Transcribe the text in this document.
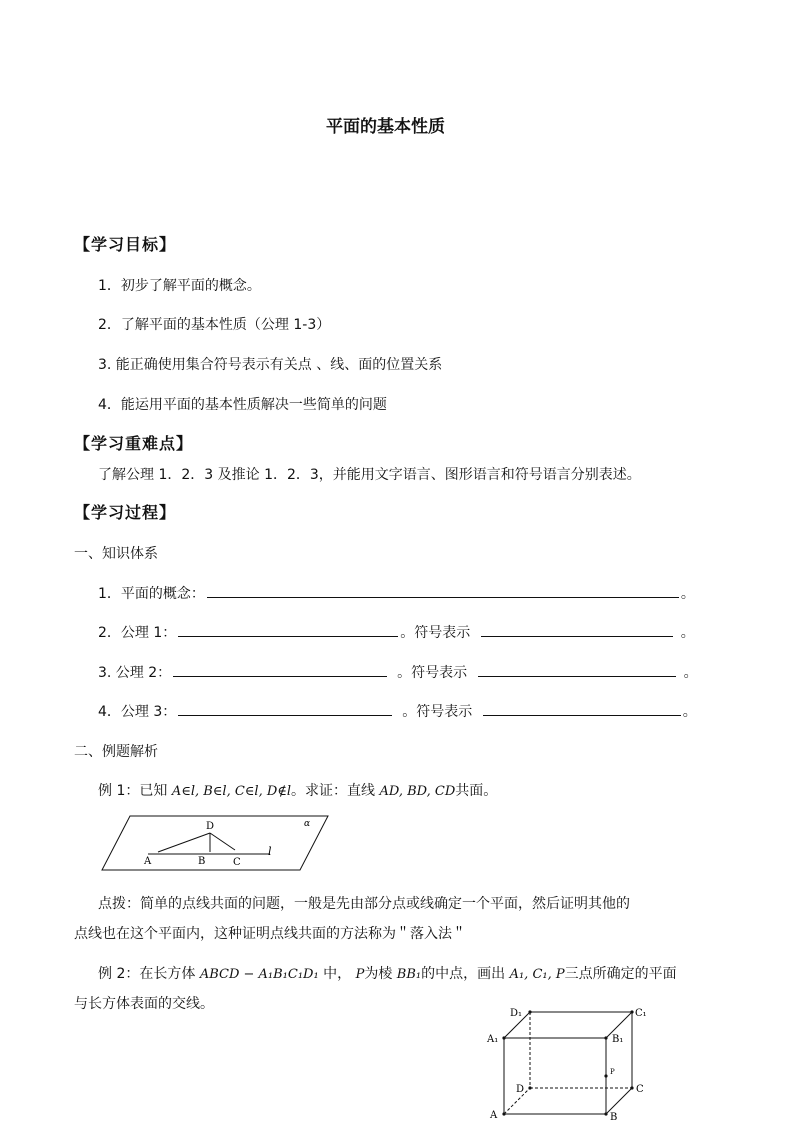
平面的基本性质
【学习目标】
1．初步了解平面的概念。
2．了解平面的基本性质（公理 1-3）
3. 能正确使用集合符号表示有关点 、线、面的位置关系
4．能运用平面的基本性质解决一些简单的问题
【学习重难点】
了解公理 1．2．3 及推论 1．2．3，并能用文字语言、图形语言和符号语言分别表述。
【学习过程】
一、知识体系
1．平面的概念：	。
2．公理 1：	。符号表示	。
3. 公理 2：	。符号表示	。
4．公理 3：	。符号表示	。
二、例题解析
例 1：已知 A∈l, B∈l, C∈l, D∉l。求证：直线 AD, BD, CD共面。
D
A	B	C
l
α
点拨：简单的点线共面的问题，一般是先由部分点或线确定一个平面，然后证明其他的
点线也在这个平面内，这种证明点线共面的方法称为＂落入法＂
例 2：在长方体 ABCD − A₁B₁C₁D₁ 中， P为棱 BB₁的中点，画出 A₁, C₁, P三点所确定的平面
与长方体表面的交线。
D₁	C₁
A₁	B₁
P
D	C
A	B
